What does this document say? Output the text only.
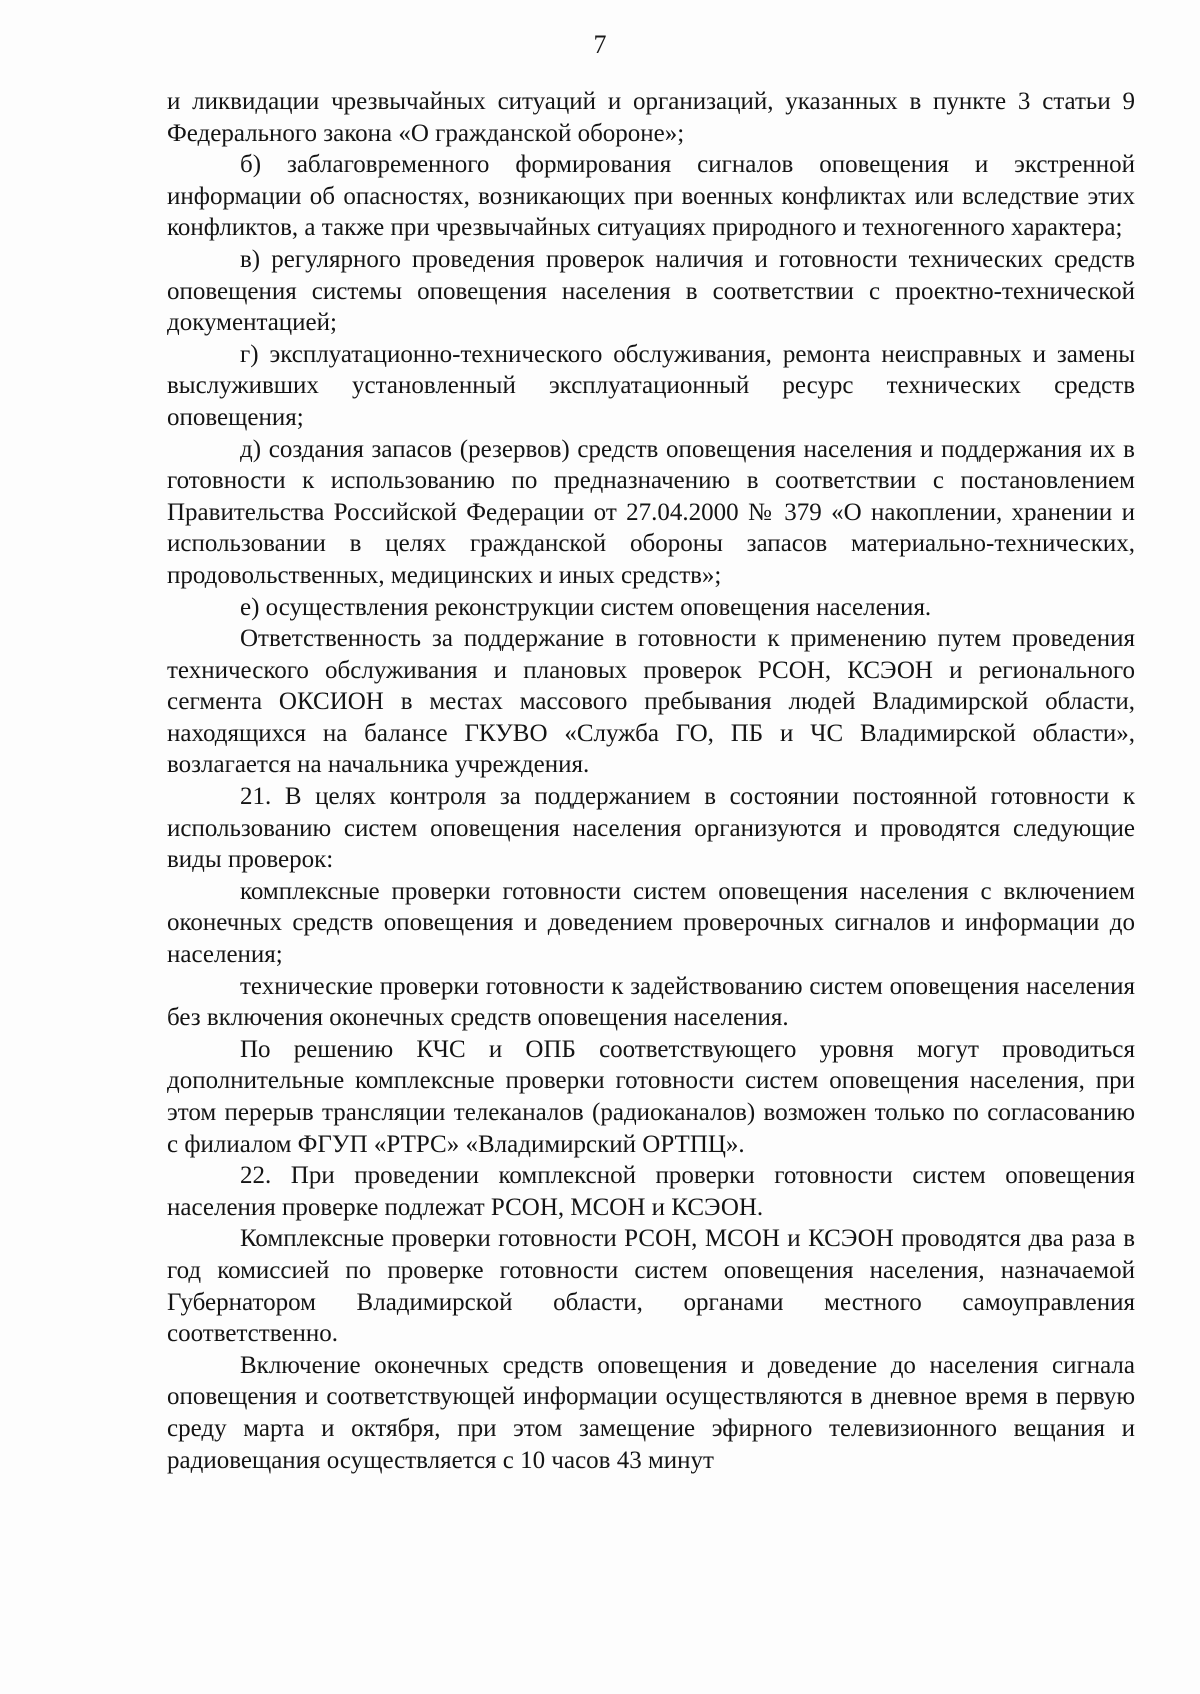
7

и ликвидации чрезвычайных ситуаций и организаций, указанных в пункте 3 статьи 9 Федерального закона «О гражданской обороне»;

б) заблаговременного формирования сигналов оповещения и экстренной информации об опасностях, возникающих при военных конфликтах или вследствие этих конфликтов, а также при чрезвычайных ситуациях природного и техногенного характера;

в) регулярного проведения проверок наличия и готовности технических средств оповещения системы оповещения населения в соответствии с проектно-технической документацией;

г) эксплуатационно-технического обслуживания, ремонта неисправных и замены выслуживших установленный эксплуатационный ресурс технических средств оповещения;

д) создания запасов (резервов) средств оповещения населения и поддержания их в готовности к использованию по предназначению в соответствии с постановлением Правительства Российской Федерации от 27.04.2000 № 379 «О накоплении, хранении и использовании в целях гражданской обороны запасов материально-технических, продовольственных, медицинских и иных средств»;

е) осуществления реконструкции систем оповещения населения.

Ответственность за поддержание в готовности к применению путем проведения технического обслуживания и плановых проверок РСОН, КСЭОН и регионального сегмента ОКСИОН в местах массового пребывания людей Владимирской области, находящихся на балансе ГКУВО «Служба ГО, ПБ и ЧС Владимирской области», возлагается на начальника учреждения.

21. В целях контроля за поддержанием в состоянии постоянной готовности к использованию систем оповещения населения организуются и проводятся следующие виды проверок:

комплексные проверки готовности систем оповещения населения с включением оконечных средств оповещения и доведением проверочных сигналов и информации до населения;

технические проверки готовности к задействованию систем оповещения населения без включения оконечных средств оповещения населения.

По решению КЧС и ОПБ соответствующего уровня могут проводиться дополнительные комплексные проверки готовности систем оповещения населения, при этом перерыв трансляции телеканалов (радиоканалов) возможен только по согласованию с филиалом ФГУП «РТРС» «Владимирский ОРТПЦ».

22. При проведении комплексной проверки готовности систем оповещения населения проверке подлежат РСОН, МСОН и КСЭОН.

Комплексные проверки готовности РСОН, МСОН и КСЭОН проводятся два раза в год комиссией по проверке готовности систем оповещения населения, назначаемой Губернатором Владимирской области, органами местного самоуправления соответственно.

Включение оконечных средств оповещения и доведение до населения сигнала оповещения и соответствующей информации осуществляются в дневное время в первую среду марта и октября, при этом замещение эфирного телевизионного вещания и радиовещания осуществляется с 10 часов 43 минут
